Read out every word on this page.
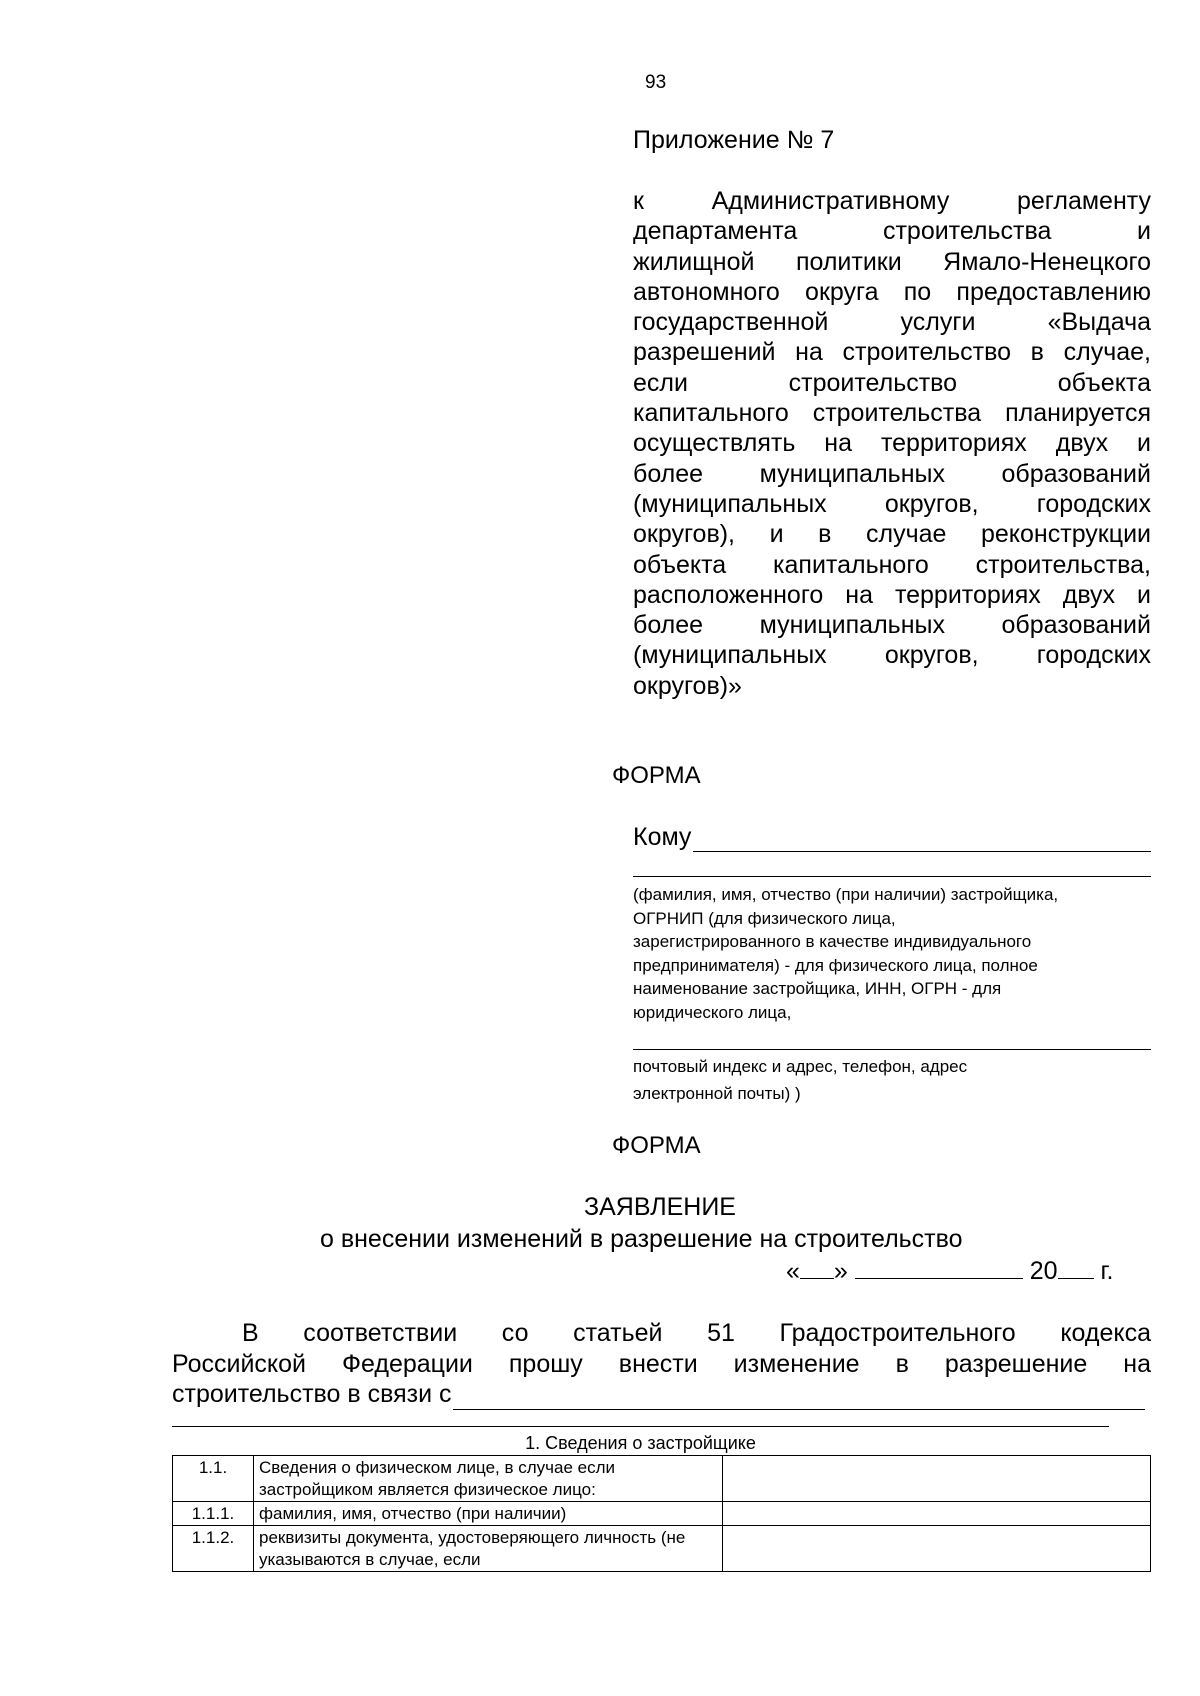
93
Приложение № 7
к Административному регламенту
департамента строительства и
жилищной политики Ямало-Ненецкого
автономного округа по предоставлению
государственной услуги «Выдача
разрешений на строительство в случае,
если строительство объекта
капитального строительства планируется
осуществлять на территориях двух и
более муниципальных образований
(муниципальных округов, городских
округов), и в случае реконструкции
объекта капитального строительства,
расположенного на территориях двух и
более муниципальных образований
(муниципальных округов, городских
округов)»
ФОРМА
Кому
(фамилия, имя, отчество (при наличии) застройщика,
ОГРНИП (для физического лица,
зарегистрированного в качестве индивидуального
предпринимателя) - для физического лица, полное
наименование застройщика, ИНН, ОГРН - для
юридического лица,
почтовый индекс и адрес, телефон, адрес
электронной почты) )
ФОРМА
ЗАЯВЛЕНИЕ
о внесении изменений в разрешение на строительство
« »	20 г.
В соответствии со статьей 51 Градостроительного кодекса
Российской Федерации прошу внести изменение в разрешение на
строительство в связи с
1. Сведения о застройщике
1.1.	Сведения о физическом лице, в случае если застройщиком является физическое лицо:	
1.1.1.	фамилия, имя, отчество (при наличии)	
1.1.2.	реквизиты документа, удостоверяющего личность (не указываются в случае, если	
